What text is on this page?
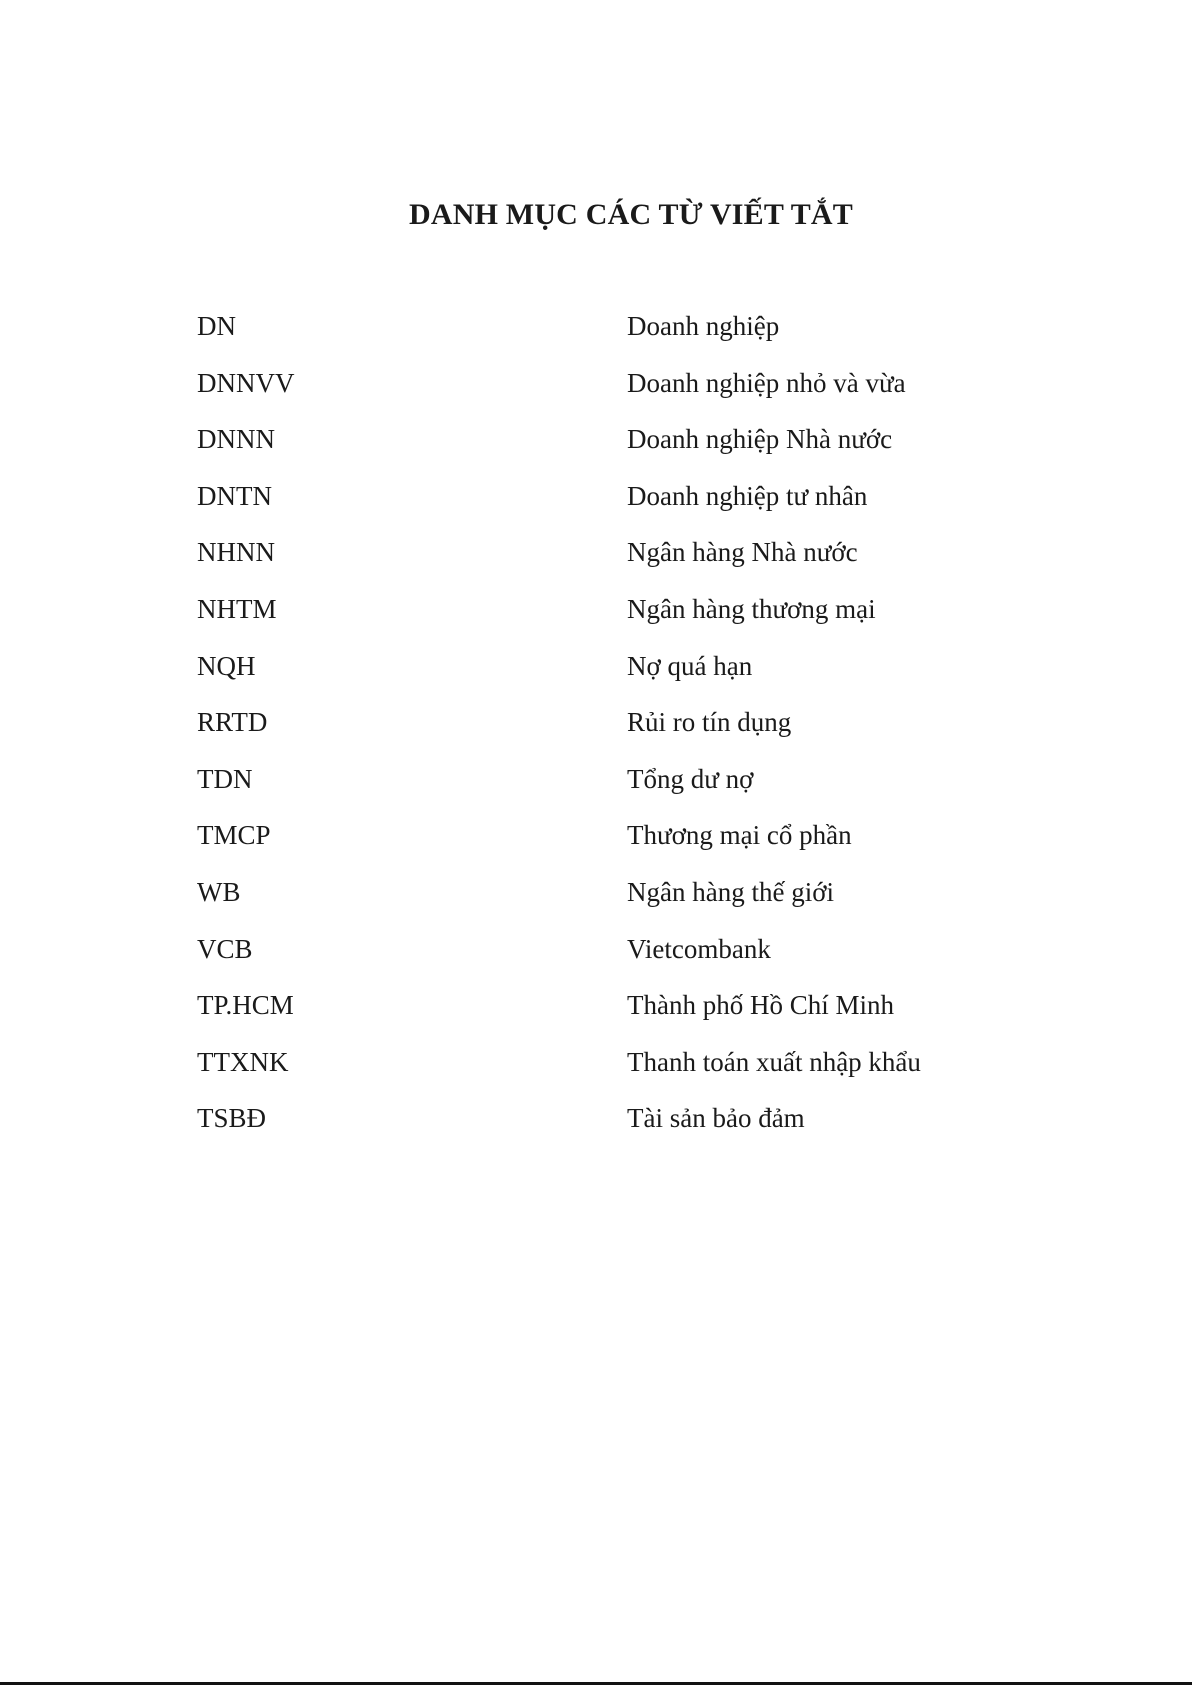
DANH MỤC CÁC TỪ VIẾT TẮT
DN	Doanh nghiệp
DNNVV	Doanh nghiệp nhỏ và vừa
DNNN	Doanh nghiệp Nhà nước
DNTN	Doanh nghiệp tư nhân
NHNN	Ngân hàng Nhà nước
NHTM	Ngân hàng thương mại
NQH	Nợ quá hạn
RRTD	Rủi ro tín dụng
TDN	Tổng dư nợ
TMCP	Thương mại cổ phần
WB	Ngân hàng thế giới
VCB	Vietcombank
TP.HCM	Thành phố Hồ Chí Minh
TTXNK	Thanh toán xuất nhập khẩu
TSBĐ	Tài sản bảo đảm
